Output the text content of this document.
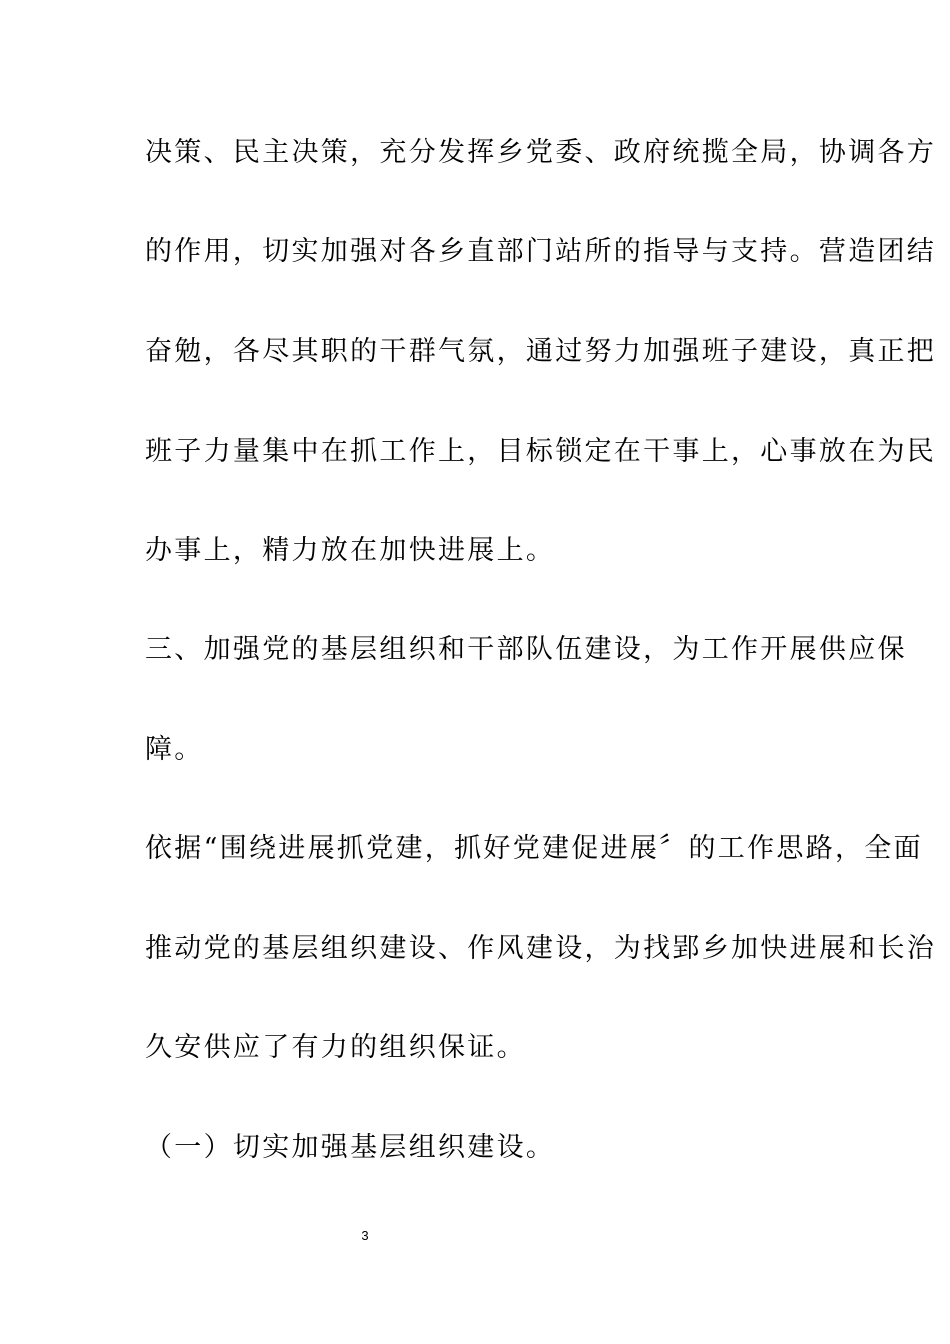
决策、民主决策，充分发挥乡党委、政府统揽全局，协调各方
的作用，切实加强对各乡直部门站所的指导与支持。营造团结
奋勉，各尽其职的干群气氛，通过努力加强班子建设，真正把
班子力量集中在抓工作上，目标锁定在干事上，心事放在为民
办事上，精力放在加快进展上。
三、加强党的基层组织和干部队伍建设，为工作开展供应保
障。
依据“围绕进展抓党建，抓好党建促进展〞的工作思路，全面
推动党的基层组织建设、作风建设，为找郢乡加快进展和长治
久安供应了有力的组织保证。
（一）切实加强基层组织建设。
3
